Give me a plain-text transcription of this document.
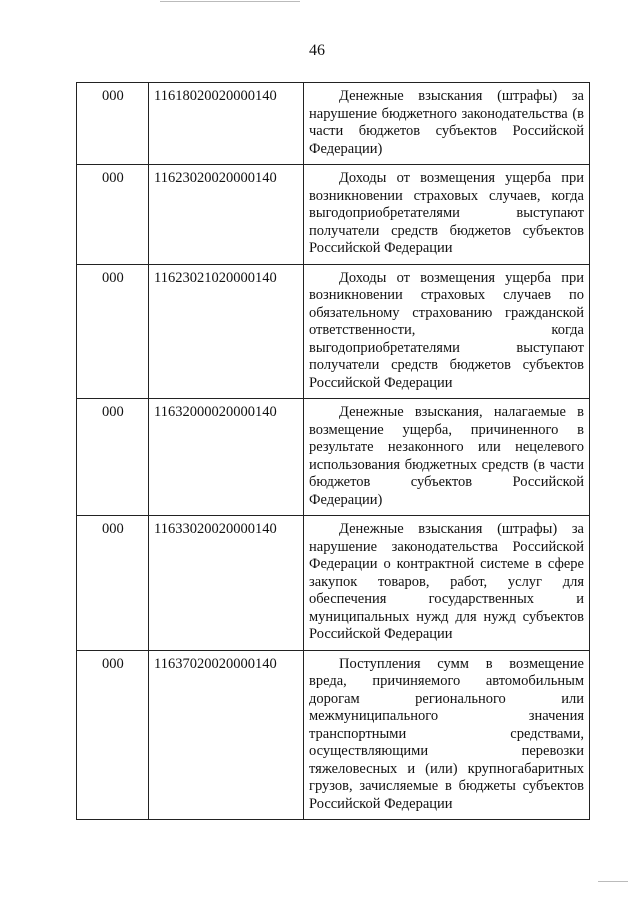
46
000	11618020020000140	Денежные взыскания (штрафы) за нарушение бюджетного законодательства (в части бюджетов субъектов Российской Федерации)
000	11623020020000140	Доходы от возмещения ущерба при возникновении страховых случаев, когда выгодоприобретателями выступают получатели средств бюджетов субъектов Российской Федерации
000	11623021020000140	Доходы от возмещения ущерба при возникновении страховых случаев по обязательному страхованию гражданской ответственности, когда выгодоприобретателями выступают получатели средств бюджетов субъектов Российской Федерации
000	11632000020000140	Денежные взыскания, налагаемые в возмещение ущерба, причиненного в результате незаконного или нецелевого использования бюджетных средств (в части бюджетов субъектов Российской Федерации)
000	11633020020000140	Денежные взыскания (штрафы) за нарушение законодательства Российской Федерации о контрактной системе в сфере закупок товаров, работ, услуг для обеспечения государственных и муниципальных нужд для нужд субъектов Российской Федерации
000	11637020020000140	Поступления сумм в возмещение вреда, причиняемого автомобильным дорогам регионального или межмуниципального значения транспортными средствами, осуществляющими перевозки тяжеловесных и (или) крупногабаритных грузов, зачисляемые в бюджеты субъектов Российской Федерации
